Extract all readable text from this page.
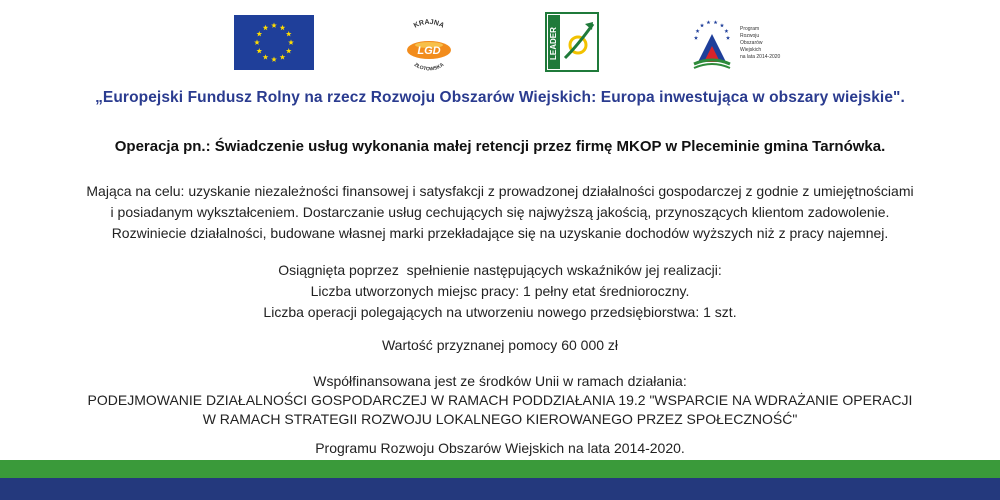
KRAJNA
ZŁOTOWSKA
LGD	LEADER	Program
Rozwoju
Obszarów
Wiejskich
na lata 2014-2020
„Europejski Fundusz Rolny na rzecz Rozwoju Obszarów Wiejskich: Europa inwestująca w obszary wiejskie".
Operacja pn.: Świadczenie usług wykonania małej retencji przez firmę MKOP w Pleceminie gmina Tarnówka.
Mająca na celu: uzyskanie niezależności finansowej i satysfakcji z prowadzonej działalności gospodarczej z godnie z umiejętnościami
i posiadanym wykształceniem. Dostarczanie usług cechujących się najwyższą jakością, przynoszących klientom zadowolenie.
Rozwiniecie działalności, budowane własnej marki przekładające się na uzyskanie dochodów wyższych niż z pracy najemnej.
Osiągnięta poprzez  spełnienie następujących wskaźników jej realizacji:
Liczba utworzonych miejsc pracy: 1 pełny etat średnioroczny.
Liczba operacji polegających na utworzeniu nowego przedsiębiorstwa: 1 szt.
Wartość przyznanej pomocy 60 000 zł
Współfinansowana jest ze środków Unii w ramach działania:
PODEJMOWANIE DZIAŁALNOŚCI GOSPODARCZEJ W RAMACH PODDZIAŁANIA 19.2 "WSPARCIE NA WDRAŻANIE OPERACJI
W RAMACH STRATEGII ROZWOJU LOKALNEGO KIEROWANEGO PRZEZ SPOŁECZNOŚĆ"
Programu Rozwoju Obszarów Wiejskich na lata 2014-2020.
